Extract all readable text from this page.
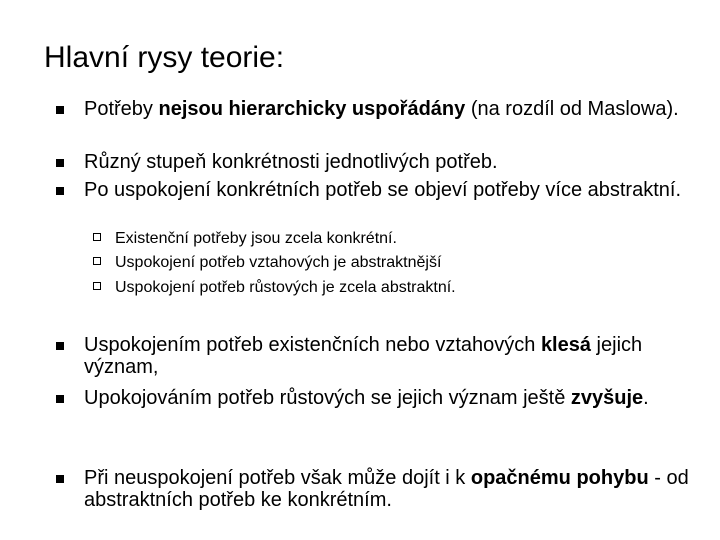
Hlavní rysy teorie:
Potřeby nejsou hierarchicky uspořádány (na rozdíl od Maslowa).
Různý stupeň konkrétnosti jednotlivých potřeb.
Po uspokojení konkrétních potřeb se objeví potřeby více abstraktní.
Existenční potřeby jsou zcela konkrétní.
Uspokojení potřeb vztahových je abstraktnější
Uspokojení potřeb růstových je zcela abstraktní.
Uspokojením potřeb existenčních nebo vztahových klesá jejich význam,
Upokojováním potřeb růstových se jejich význam ještě zvyšuje.
Při neuspokojení potřeb však může dojít i k opačnému pohybu - od abstraktních potřeb ke konkrétním.
